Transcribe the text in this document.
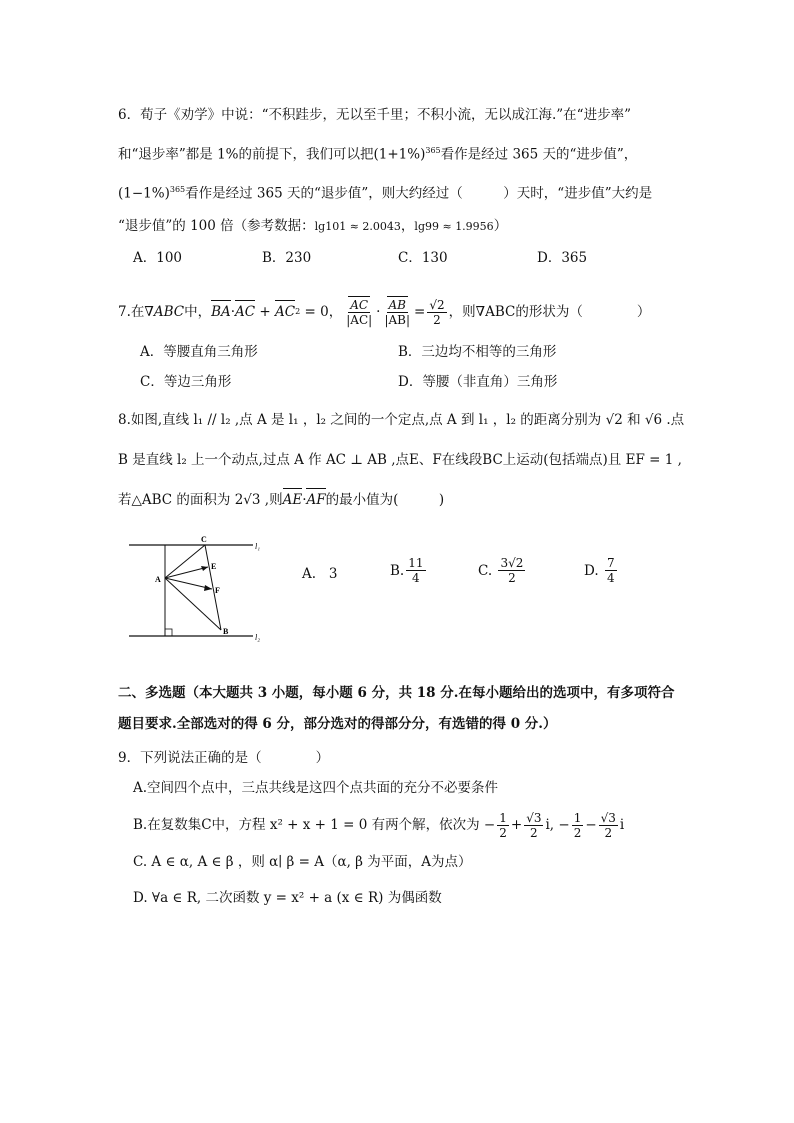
6．荀子《劝学》中说：“不积跬步，无以至千里；不积小流，无以成江海.”在“进步率”
和“退步率”都是 1%的前提下，我们可以把$(1+1\%)^{365}$看作是经过 365 天的“进步值”，
$(1-1\%)^{365}$看作是经过 365 天的“退步值”，则大约经过（　　　）天时，“进步值”大约是
“退步值”的 100 倍（参考数据：lg101 ≈ 2.0043，lg99 ≈ 1.9956）
A．100	B．230	C．130	D．365
7.在 ∇ABC 中， BA · AC + AC 2
= 0， $\frac{AC}{|AC|} \cdot \frac{AB}{|AB|} = \frac{√2}{2}$ ，则∇ABC的形状为（　　　　）
A．等腰直角三角形	B．三边均不相等的三角形
C．等边三角形	D．等腰（非直角）三角形
8.如图,直线 l₁ // l₂ ,点 A 是 l₁ ，l₂ 之间的一个定点,点 A 到 l₁ ，l₂ 的距离分别为 √2 和 √6 .点
B 是直线 l₂ 上一个动点,过点 A 作 AC ⊥ AB ,点E、F在线段BC上运动(包括端点)且 EF = 1 ,
若△ABC 的面积为 2√3 ,则AE·AF的最小值为(　　　)
C
E
A
F
B
l₁
l₂
A. 3	B. $\frac{11}{4}$	C.
$\frac{3√2}{2}$	D.
$\frac{7}{4}$
二、多选题（本大题共 3 小题，每小题 6 分，共 18 分.在每小题给出的选项中，有多项符合
题目要求.全部选对的得 6 分，部分选对的得部分分，有选错的得 0 分.）
9．下列说法正确的是（　　　　）
A.空间四个点中，三点共线是这四个点共面的充分不必要条件
B.在复数集C中，方程 x² + x + 1 = 0 有两个解，依次为 − $\frac{1}{2} + \frac{√3}{2} i$, − $\frac{1}{2} - \frac{√3}{2}$ i
C. A ∈ α, A ∈ β ，则 α∣ β = A（α, β 为平面，A为点）
D. ∀a ∈ R, 二次函数 y = x² + a (x ∈ R) 为偶函数
